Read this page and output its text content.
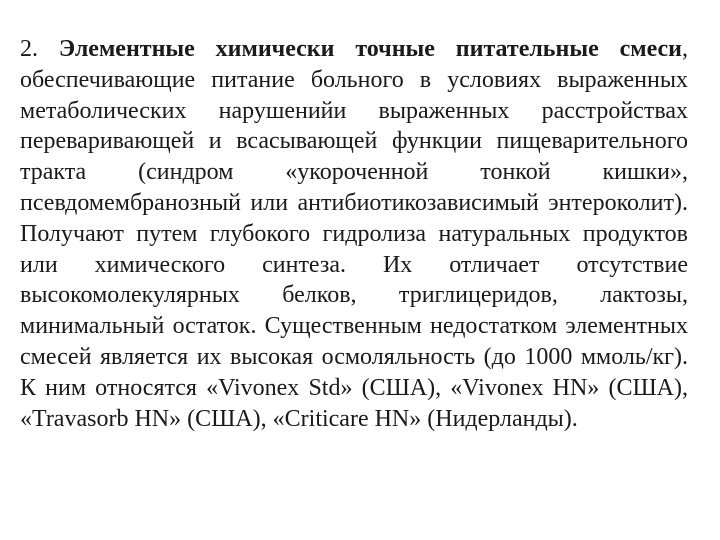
2. Элементные химически точные питательные смеси, обеспечивающие питание больного в условиях выраженных метаболических нарушенийи выраженных расстройствах переваривающей и всасывающей функции пищеварительного тракта (синдром «укороченной тонкой кишки», псевдомембранозный или антибиотикозависимый энтероколит). Получают путем глубокого гидролиза натуральных продуктов или химического синтеза. Их отличает отсутствие высокомолекулярных белков, триглицеридов, лактозы, минимальный остаток. Существенным недостатком элементных смесей является их высокая осмоляльность (до 1000 ммоль/кг). К ним относятся «Vivonex Std» (США), «Vivonex HN» (США), «Travasorb HN» (США), «Criticare HN» (Нидерланды).
